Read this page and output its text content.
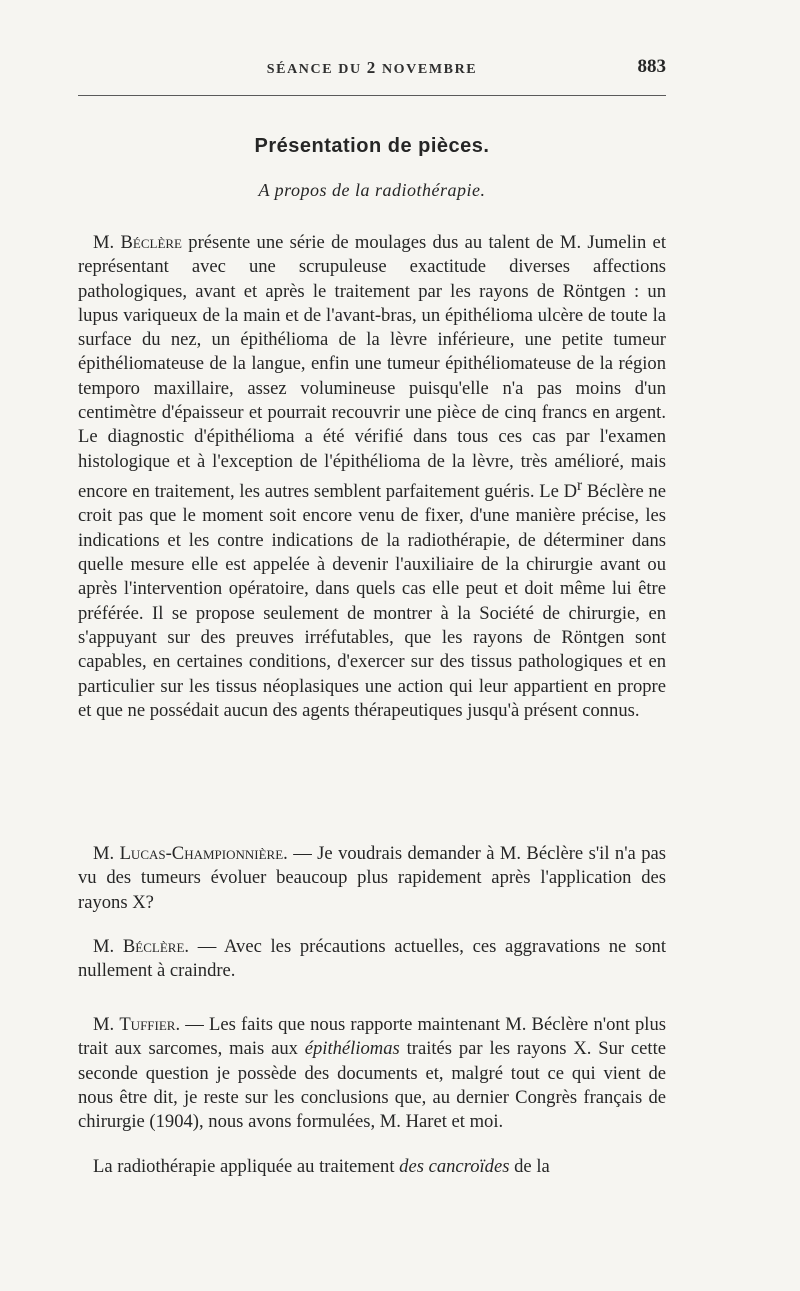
SÉANCE DU 2 NOVEMBRE	883
Présentation de pièces.
A propos de la radiothérapie.

M. Béclère présente une série de moulages dus au talent de M. Jumelin et représentant avec une scrupuleuse exactitude diverses affections pathologiques, avant et après le traitement par les rayons de Röntgen : un lupus variqueux de la main et de l'avant-bras, un épithélioma ulcère de toute la surface du nez, un épithélioma de la lèvre inférieure, une petite tumeur épithéliomateuse de la langue, enfin une tumeur épithéliomateuse de la région temporo maxillaire, assez volumineuse puisqu'elle n'a pas moins d'un centimètre d'épaisseur et pourrait recouvrir une pièce de cinq francs en argent. Le diagnostic d'épithélioma a été vérifié dans tous ces cas par l'examen histologique et à l'exception de l'épithélioma de la lèvre, très amélioré, mais encore en traitement, les autres semblent parfaitement guéris. Le $D^r$ Béclère ne croit pas que le moment soit encore venu de fixer, d'une manière précise, les indications et les contre indications de la radiothérapie, de déterminer dans quelle mesure elle est appelée à devenir l'auxiliaire de la chirurgie avant ou après l'intervention opératoire, dans quels cas elle peut et doit même lui être préférée. Il se propose seulement de montrer à la Société de chirurgie, en s'appuyant sur des preuves irréfutables, que les rayons de Röntgen sont capables, en certaines conditions, d'exercer sur des tissus pathologiques et en particulier sur les tissus néoplasiques une action qui leur appartient en propre et que ne possédait aucun des agents thérapeutiques jusqu'à présent connus.

M. Lucas-Championnière. — Je voudrais demander à M. Béclère s'il n'a pas vu des tumeurs évoluer beaucoup plus rapidement après l'application des rayons X?

M. Béclère. — Avec les précautions actuelles, ces aggravations ne sont nullement à craindre.

M. Tuffier. — Les faits que nous rapporte maintenant M. Béclère n'ont plus trait aux sarcomes, mais aux épithéliomas traités par les rayons X. Sur cette seconde question je possède des documents et, malgré tout ce qui vient de nous être dit, je reste sur les conclusions que, au dernier Congrès français de chirurgie (1904), nous avons formulées, M. Haret et moi.

La radiothérapie appliquée au traitement des cancroïdes de la
